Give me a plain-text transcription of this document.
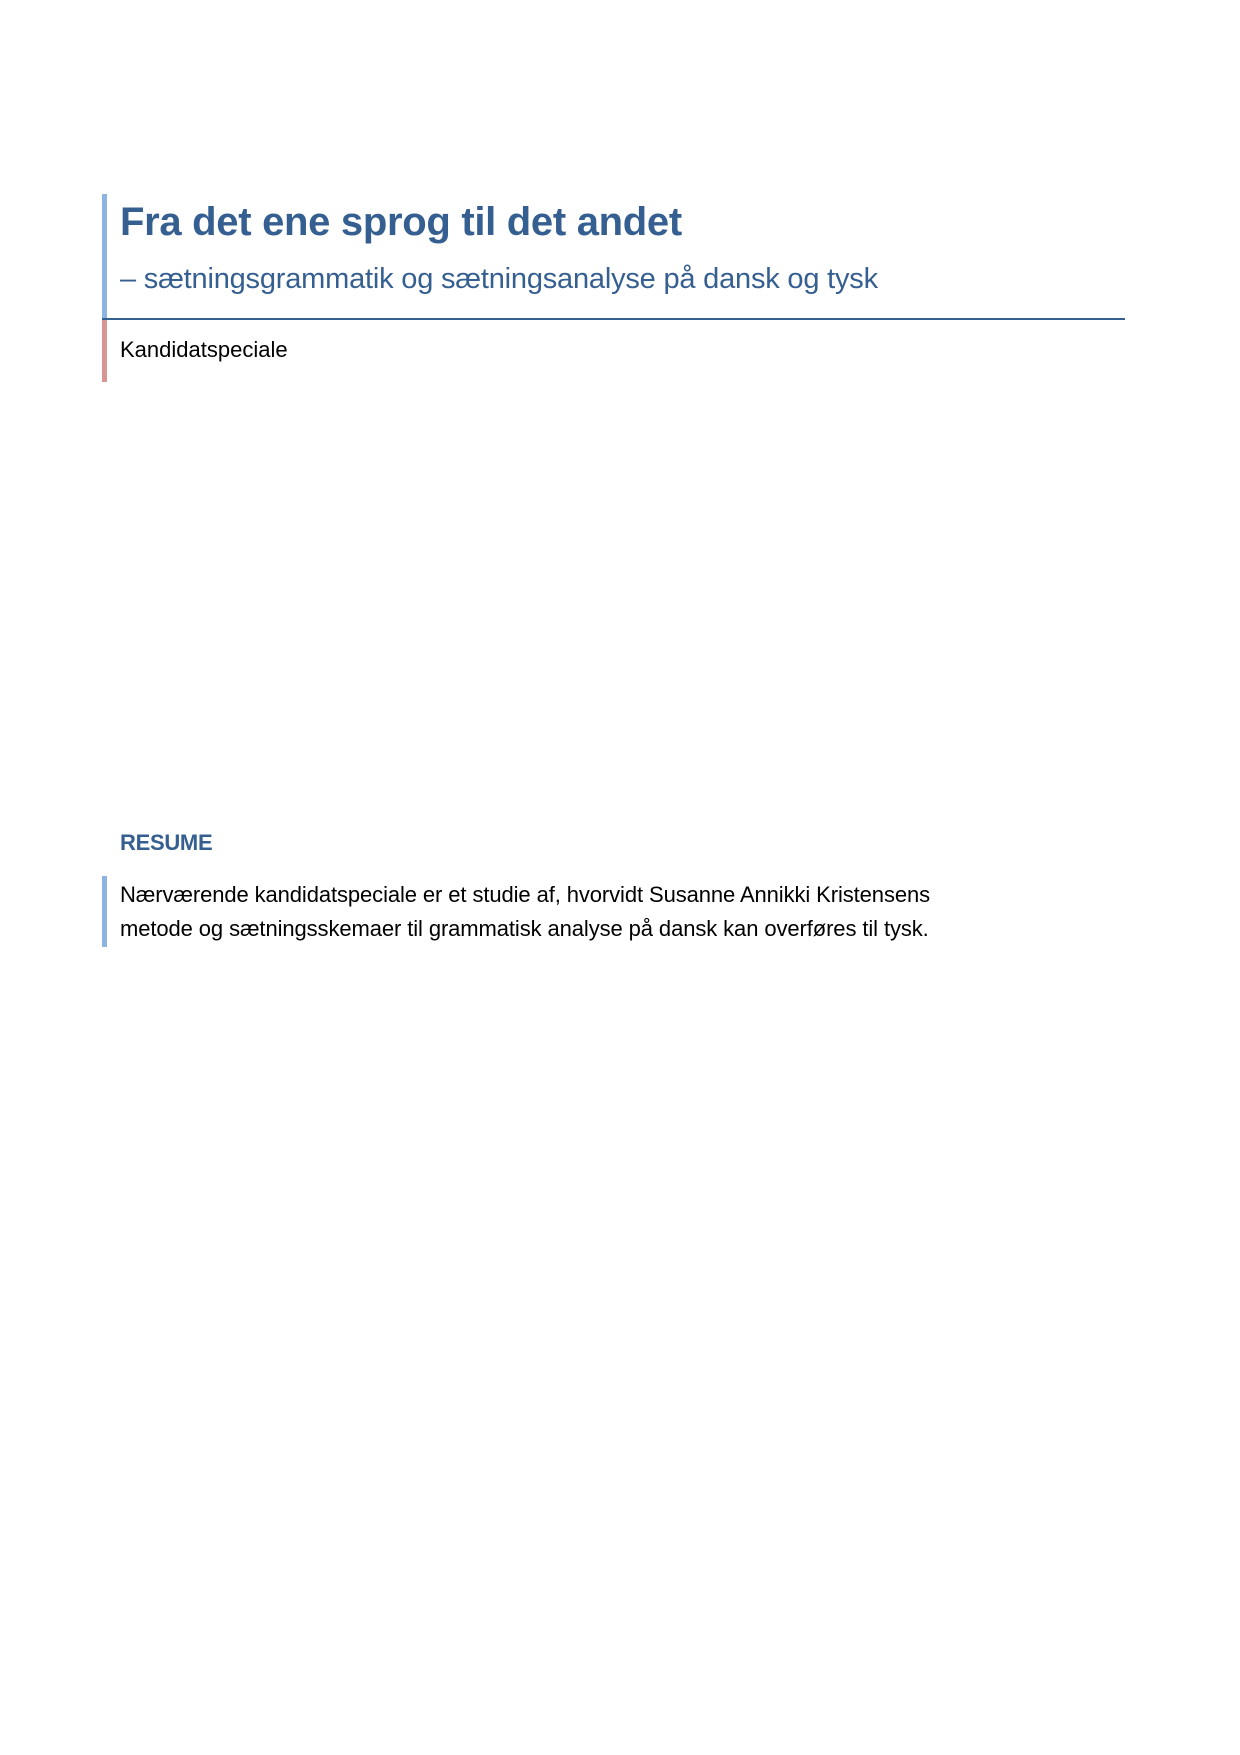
Fra det ene sprog til det andet
– sætningsgrammatik og sætningsanalyse på dansk og tysk
Kandidatspeciale
RESUME

Nærværende kandidatspeciale er et studie af, hvorvidt Susanne Annikki Kristensens
metode og sætningsskemaer til grammatisk analyse på dansk kan overføres til tysk.
